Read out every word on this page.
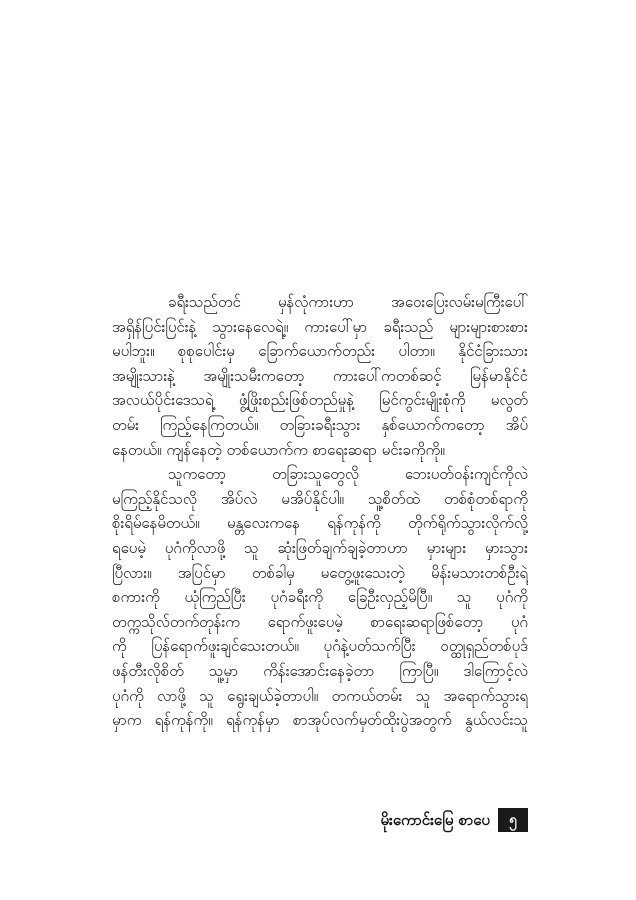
ခရီးသည်တင် မှန်လုံကားဟာ အဝေးပြေးလမ်းမကြီးပေါ်
အရှိန်ပြင်းပြင်းနဲ့ သွားနေလေရဲ့။ ကားပေါ်မှာ ခရီးသည် များများစားစား
မပါဘူး။ စုစုပေါင်းမှ ခြောက်ယောက်တည်း ပါတာ။ နိုင်ငံခြားသား
အမျိုးသားနဲ့ အမျိုးသမီးကတော့ ကားပေါ်ကတစ်ဆင့် မြန်မာနိုင်ငံ
အလယ်ပိုင်းဒေသရဲ့ ဖွံ့ဖြိုးစည်းဖြစ်တည်မှုနဲ့ မြင်ကွင်းမျိုးစုံကို မလွတ်
တမ်း ကြည့်နေကြတယ်။ တခြားခရီးသွား နှစ်ယောက်ကတော့ အိပ်
နေတယ်။ ကျန်နေတဲ့ တစ်ယောက်က စာရေးဆရာ မင်းခကိုကို။
သူကတော့ တခြားသူတွေလို ဘေးပတ်ဝန်းကျင်ကိုလဲ
မကြည့်နိုင်သလို အိပ်လဲ မအိပ်နိုင်ပါ။ သူ့စိတ်ထဲ တစ်စုံတစ်ရာကို
စိုးရိမ်နေမိတယ်။ မန္တလေးကနေ ရန်ကုန်ကို တိုက်ရိုက်သွားလိုက်လို့
ရပေမဲ့ ပုဂံကိုလာဖို့ သူ ဆုံးဖြတ်ချက်ချခဲ့တာဟာ မှားများ မှားသွား
ပြီလား။ အပြင်မှာ တစ်ခါမှ မတွေ့ဖူးသေးတဲ့ မိန်းမသားတစ်ဦးရဲ့
စကားကို ယုံကြည်ပြီး ပုဂံခရီးကို ခြေဦးလှည့်မိပြီ။ သူ ပုဂံကို
တက္ကသိုလ်တက်တုန်းက ရောက်ဖူးပေမဲ့ စာရေးဆရာဖြစ်တော့ ပုဂံ
ကို ပြန်ရောက်ဖူးချင်သေးတယ်။ ပုဂံနဲ့ပတ်သက်ပြီး ဝတ္ထုရှည်တစ်ပုဒ်
ဖန်တီးလိုစိတ် သူ့မှာ ကိန်းအောင်းနေခဲ့တာ ကြာပြီ။ ဒါကြောင့်လဲ
ပုဂံကို လာဖို့ သူ ရွေးချယ်ခဲ့တာပါ။ တကယ်တမ်း သူ အရောက်သွားရ
မှာက ရန်ကုန်ကို။ ရန်ကုန်မှာ စာအုပ်လက်မှတ်ထိုးပွဲအတွက် နွယ်လင်းသူ
မိုးကောင်းမြေ စာပေ	၅
